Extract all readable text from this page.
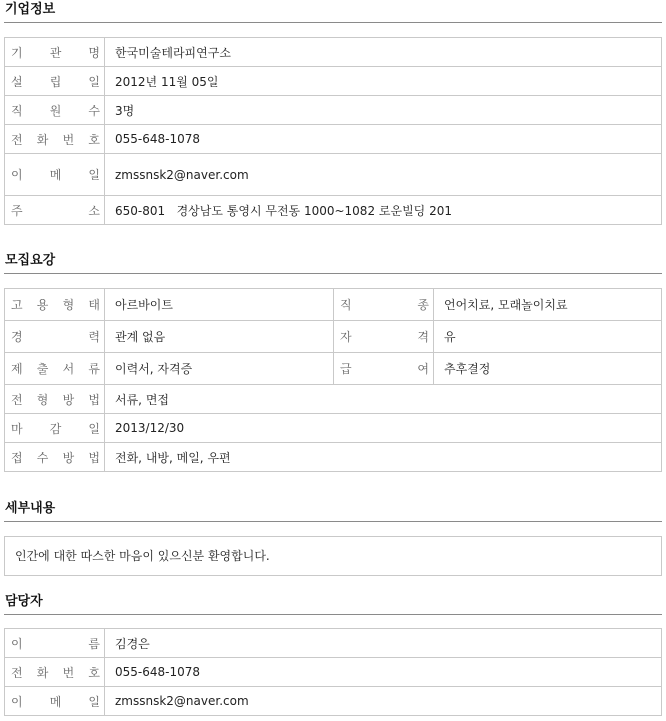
기업정보
기 관 명	한국미술테라피연구소

설 립 일	2012년 11월 05일

직 원 수	3명

전 화 번 호	055-648-1078

이 메 일	zmssnsk2@naver.com

주 소	650-801   경상남도 통영시 무전동 1000~1082 로운빌딩 201
모집요강
고 용 형 태	아르바이트	직 종	언어치료, 모래놀이치료

경 력	관계 없음	자 격	유

제 출 서 류	이력서, 자격증	급 여	추후결정

전 형 방 법	서류, 면접		

마 감 일	2013/12/30		

접 수 방 법	전화, 내방, 메일, 우편		
세부내용
인간에 대한 따스한 마음이 있으신분 환영합니다.
담당자
이 름	김경은

전 화 번 호	055-648-1078

이 메 일	zmssnsk2@naver.com
